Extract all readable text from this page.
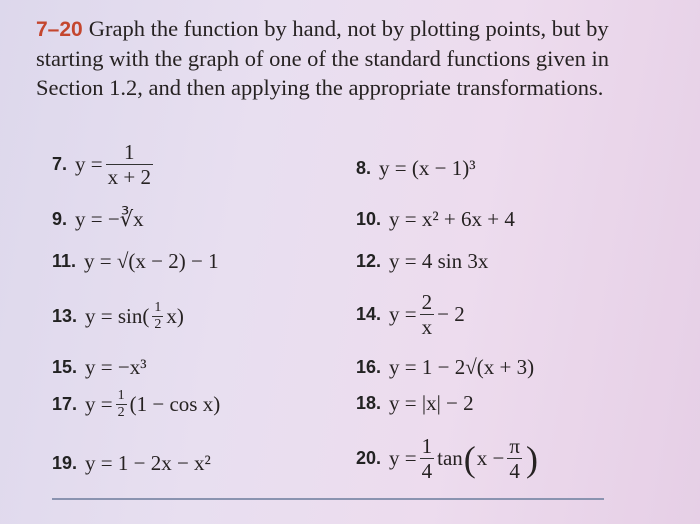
7–20 Graph the function by hand, not by plotting points, but by starting with the graph of one of the standard functions given in Section 1.2, and then applying the appropriate transformations.
7. $y = \frac{1}{x + 2}$	8. y = (x − 1)³
9. y = −∛x	10. y = x² + 6x + 4
11. y = √(x − 2) − 1	12. y = 4 sin 3x
13. $y = \sin( \frac{1}{2} x)$	14. $y = \frac{2}{x} - 2$
15. y = −x³	16. y = 1 − 2√(x + 3)
17. $y = \frac{1}{2} (1 - \cos x)$	18. y = |x| − 2
19. y = 1 − 2x − x²	20. $y = \frac{1}{4}$ tan ( $x - \frac{\pi}{4}$ )
